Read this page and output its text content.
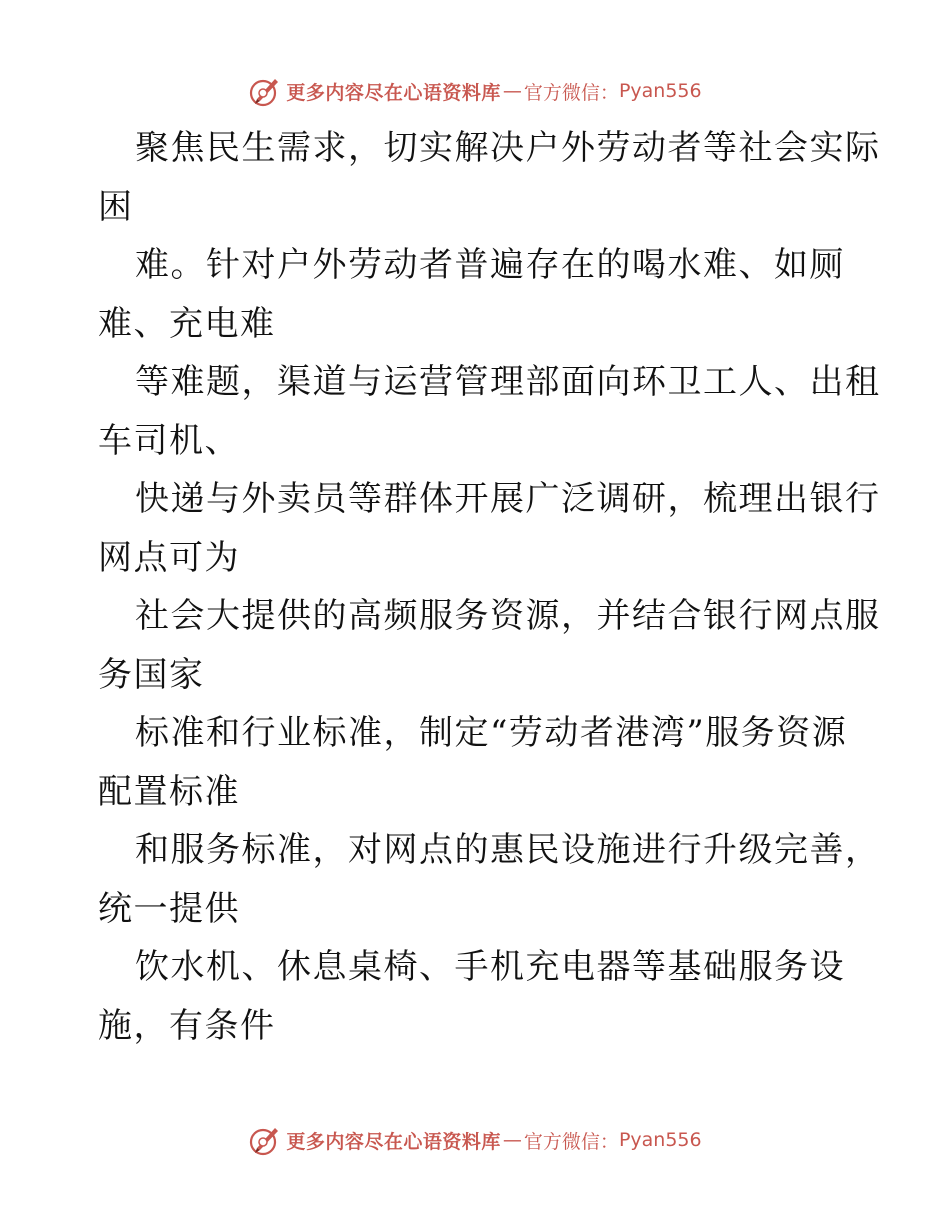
更多内容尽在心语资料库 — 官方微信： Pyan556
聚焦民生需求，切实解决户外劳动者等社会实际
困
难。针对户外劳动者普遍存在的喝水难、如厕
难、充电难
等难题，渠道与运营管理部面向环卫工人、出租
车司机、
快递与外卖员等群体开展广泛调研，梳理出银行
网点可为
社会大提供的高频服务资源，并结合银行网点服
务国家
标准和行业标准，制定“劳动者港湾”服务资源
配置标准
和服务标准，对网点的惠民设施进行升级完善，
统一提供
饮水机、休息桌椅、手机充电器等基础服务设
施，有条件
更多内容尽在心语资料库 — 官方微信： Pyan556
